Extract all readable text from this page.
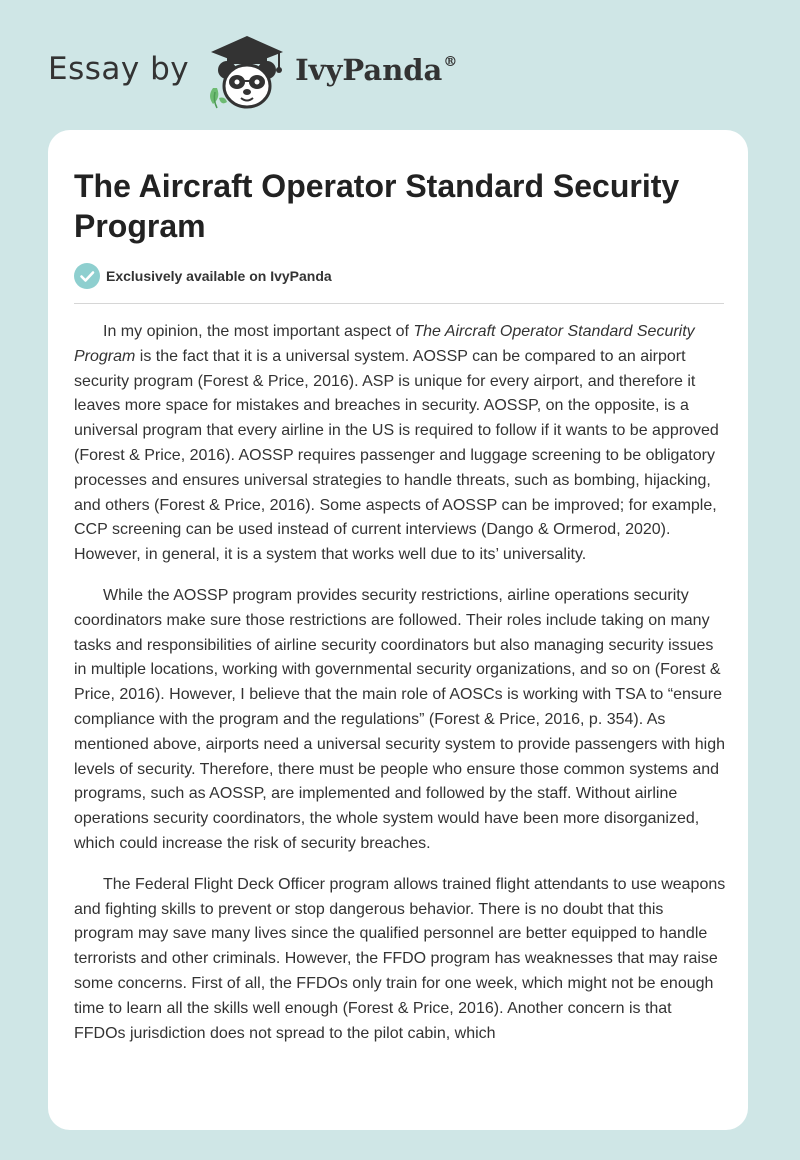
Essay by	IvyPanda®
The Aircraft Operator Standard Security Program
Exclusively available on IvyPanda

In my opinion, the most important aspect of The Aircraft Operator Standard Security Program is the fact that it is a universal system. AOSSP can be compared to an airport security program (Forest & Price, 2016). ASP is unique for every airport, and therefore it leaves more space for mistakes and breaches in security. AOSSP, on the opposite, is a universal program that every airline in the US is required to follow if it wants to be approved (Forest & Price, 2016). AOSSP requires passenger and luggage screening to be obligatory processes and ensures universal strategies to handle threats, such as bombing, hijacking, and others (Forest & Price, 2016). Some aspects of AOSSP can be improved; for example, CCP screening can be used instead of current interviews (Dango & Ormerod, 2020). However, in general, it is a system that works well due to its’ universality.

While the AOSSP program provides security restrictions, airline operations security coordinators make sure those restrictions are followed. Their roles include taking on many tasks and responsibilities of airline security coordinators but also managing security issues in multiple locations, working with governmental security organizations, and so on (Forest & Price, 2016). However, I believe that the main role of AOSCs is working with TSA to “ensure compliance with the program and the regulations” (Forest & Price, 2016, p. 354). As mentioned above, airports need a universal security system to provide passengers with high levels of security. Therefore, there must be people who ensure those common systems and programs, such as AOSSP, are implemented and followed by the staff. Without airline operations security coordinators, the whole system would have been more disorganized, which could increase the risk of security breaches.

The Federal Flight Deck Officer program allows trained flight attendants to use weapons and fighting skills to prevent or stop dangerous behavior. There is no doubt that this program may save many lives since the qualified personnel are better equipped to handle terrorists and other criminals. However, the FFDO program has weaknesses that may raise some concerns. First of all, the FFDOs only train for one week, which might not be enough time to learn all the skills well enough (Forest & Price, 2016). Another concern is that FFDOs jurisdiction does not spread to the pilot cabin, which
